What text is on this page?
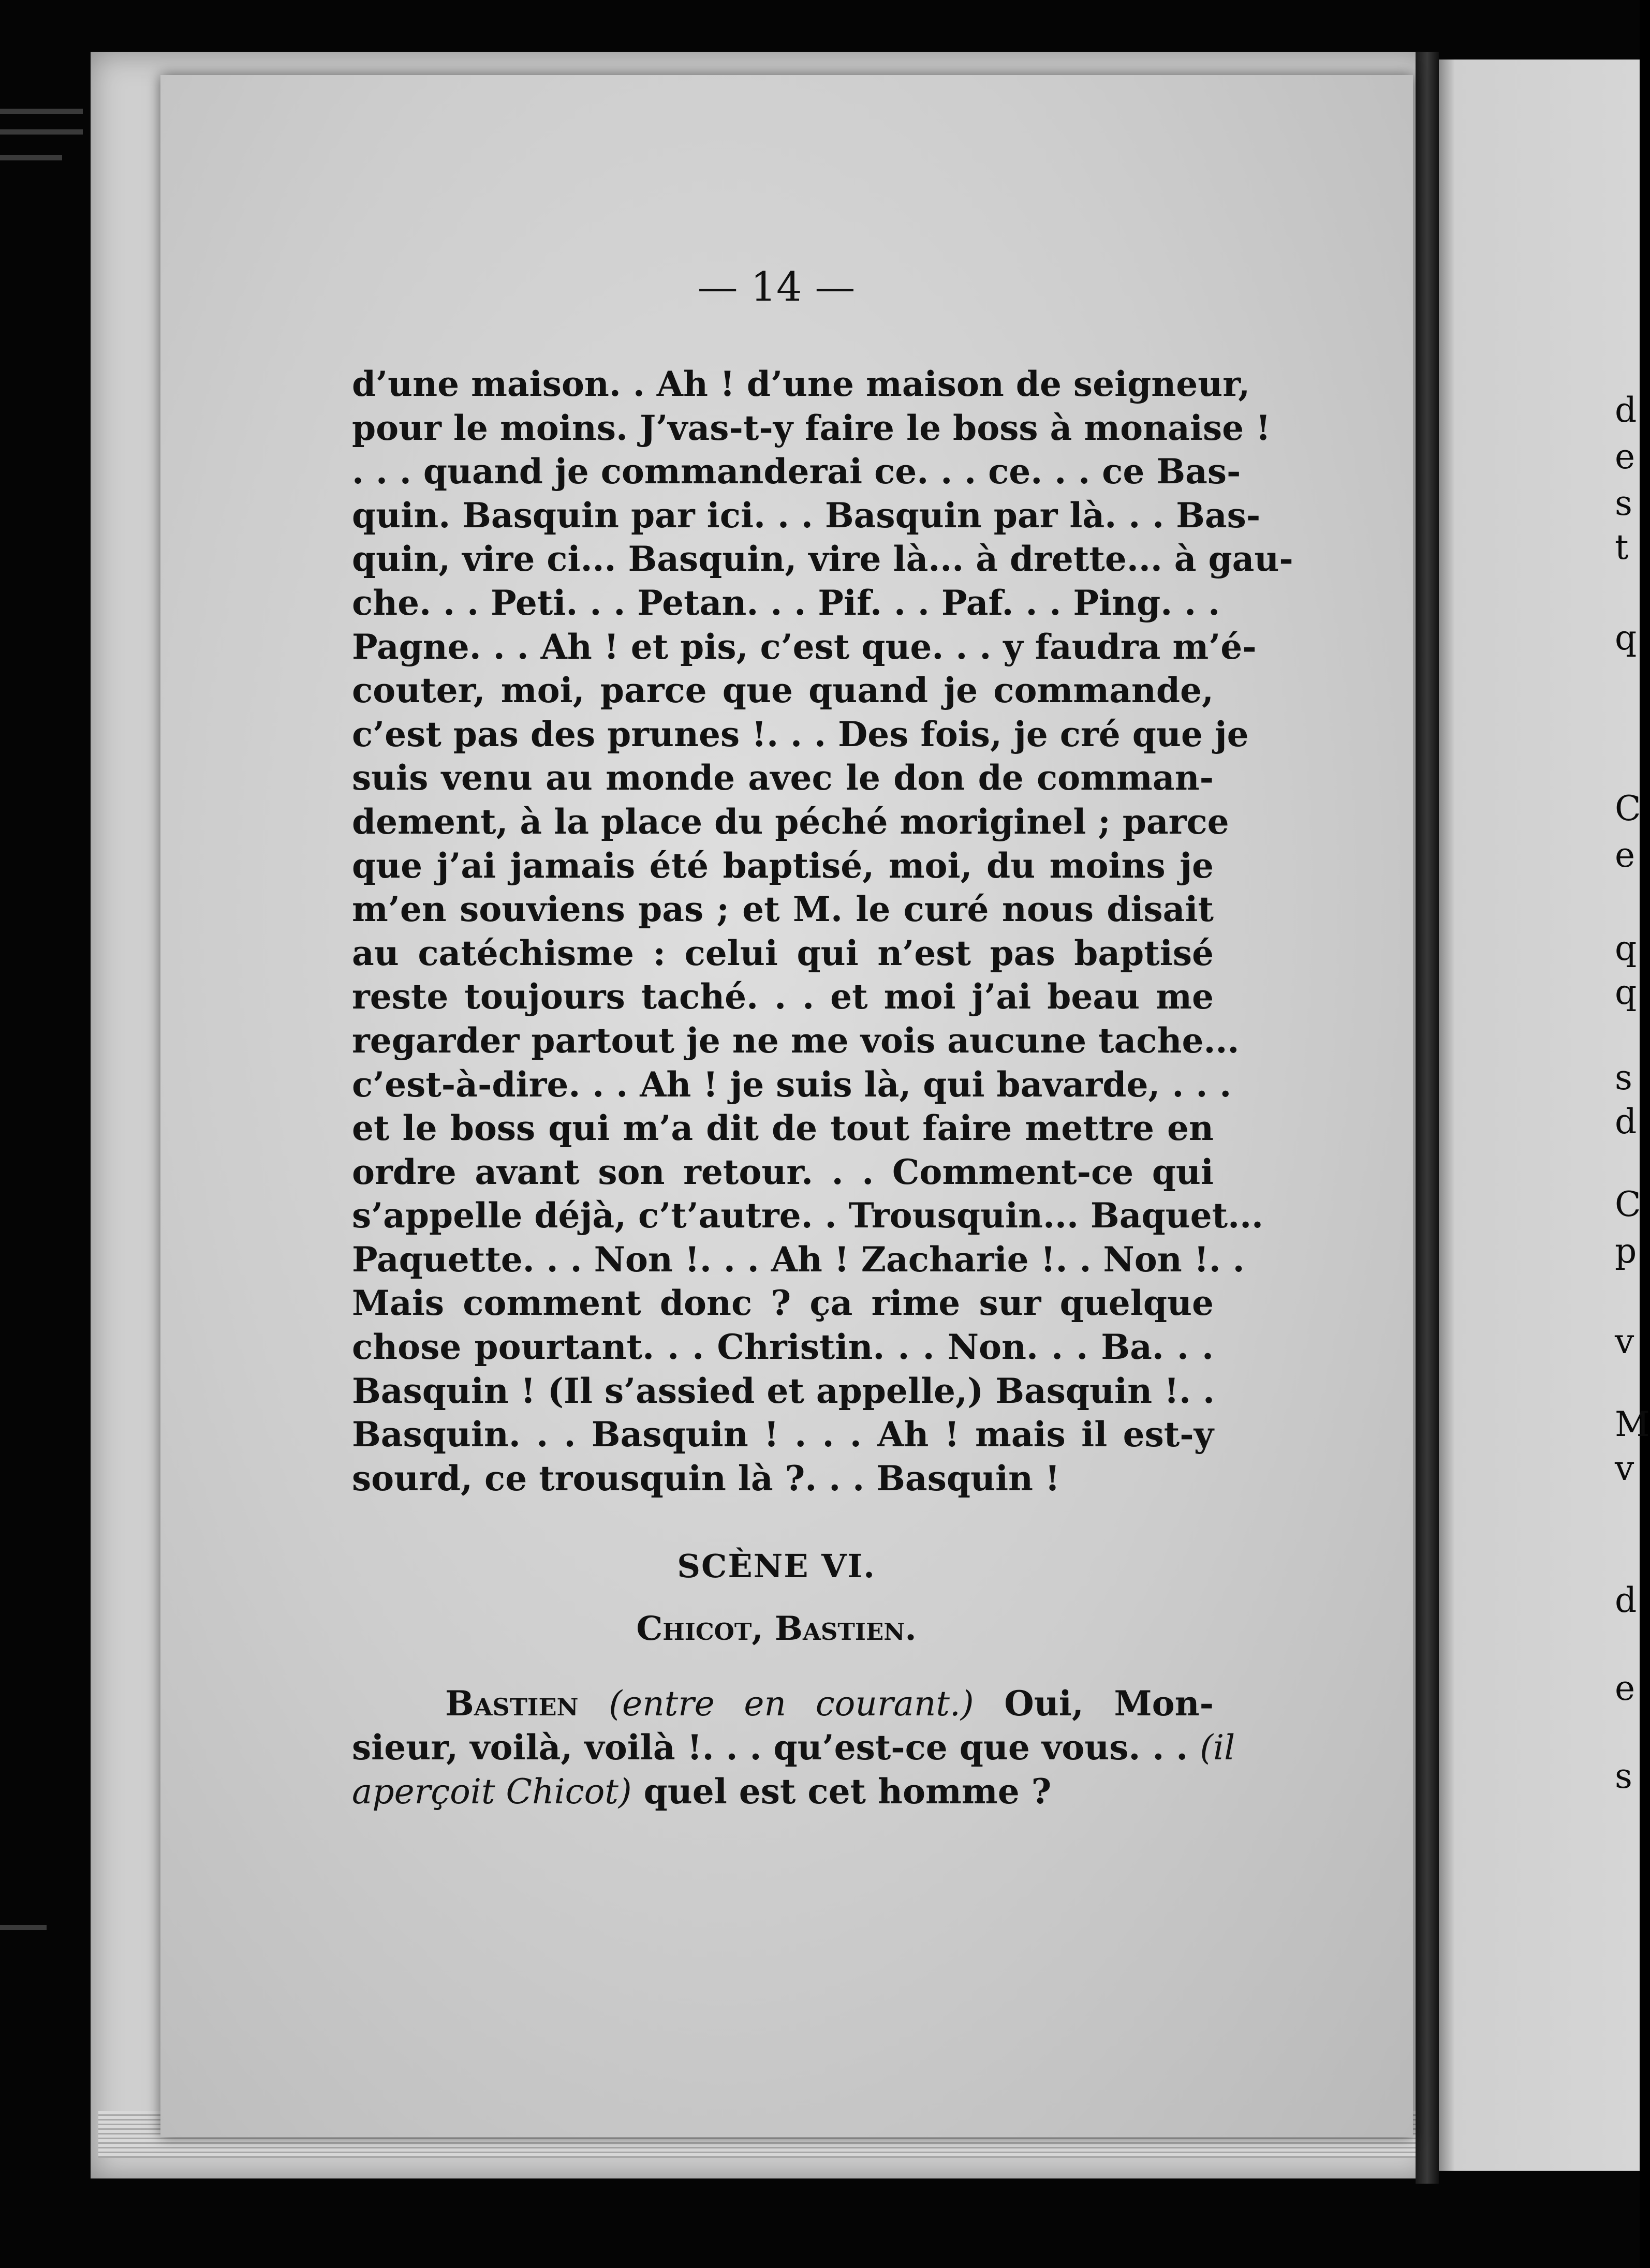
d
e
s
t
q
C
e
q
q
s
d
C
p
v
M
v
d
e
s
— 14 —
d’une maison. . Ah ! d’une maison de seigneur,
pour le moins. J’vas-t-y faire le boss à monaise !
. . . quand je commanderai ce. . . ce. . . ce Bas-
quin. Basquin par ici. . . Basquin par là. . . Bas-
quin, vire ci... Basquin, vire là... à drette... à gau-
che. . . Peti. . . Petan. . . Pif. . . Paf. . . Ping. . .
Pagne. . . Ah ! et pis, c’est que. . . y faudra m’é-
couter, moi, parce que quand je commande,
c’est pas des prunes !. . . Des fois, je cré que je
suis venu au monde avec le don de comman-
dement, à la place du péché moriginel ; parce
que j’ai jamais été baptisé, moi, du moins je
m’en souviens pas ; et M. le curé nous disait
au catéchisme : celui qui n’est pas baptisé
reste toujours taché. . . et moi j’ai beau me
regarder partout je ne me vois aucune tache...
c’est-à-dire. . . Ah ! je suis là, qui bavarde, . . .
et le boss qui m’a dit de tout faire mettre en
ordre avant son retour. . . Comment-ce qui
s’appelle déjà, c’t’autre. . Trousquin... Baquet...
Paquette. . . Non !. . . Ah ! Zacharie !. . Non !. .
Mais comment donc ? ça rime sur quelque
chose pourtant. . . Christin. . . Non. . . Ba. . .
Basquin ! (Il s’assied et appelle,) Basquin !. .
Basquin. . . Basquin ! . . . Ah ! mais il est-y
sourd, ce trousquin là ?. . . Basquin !
SCÈNE VI.
Chicot, Bastien.
Bastien (entre en courant.) Oui, Mon-
sieur, voilà, voilà !. . . qu’est-ce que vous. . . (il
aperçoit Chicot) quel est cet homme ?
